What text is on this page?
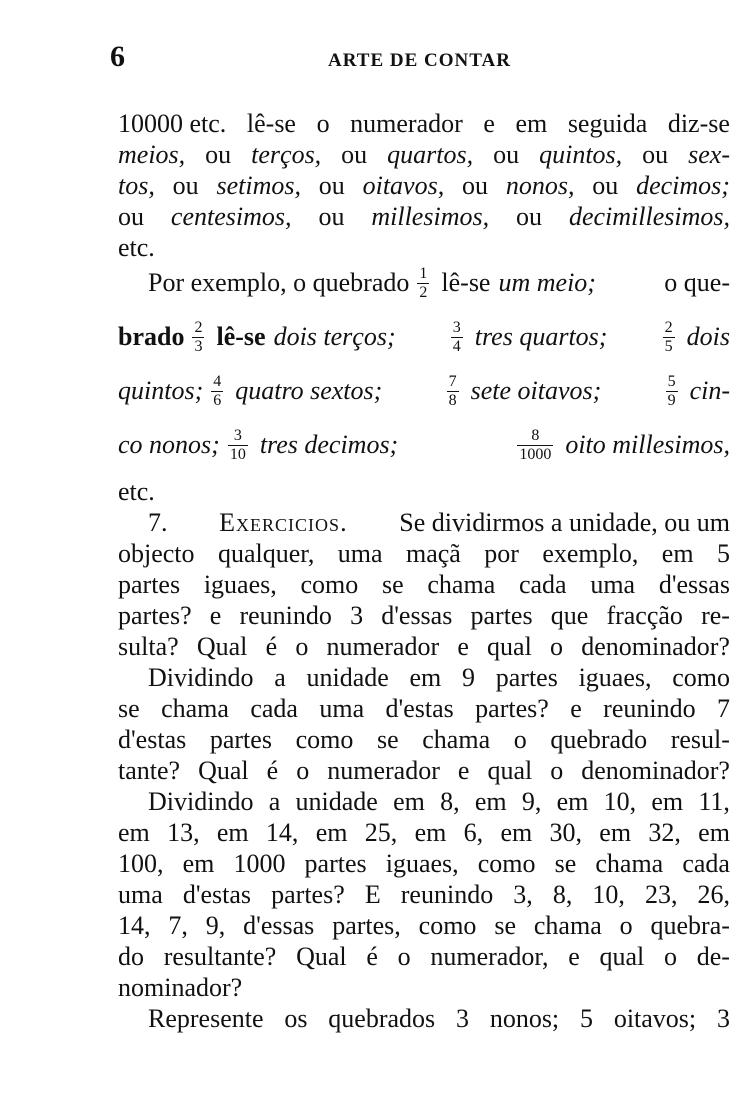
6	ARTE DE CONTAR
10000 etc. lê-se o numerador e em seguida diz-se
meios, ou terços, ou quartos, ou quintos, ou sex-
tos, ou setimos, ou oitavos, ou nonos, ou decimos;
ou centesimos, ou millesimos, ou decimillesimos,
etc.
Por exemplo, o quebrado $\frac{1}{2}$ lê-se um meio;	o que-
brado $\frac{2}{3}$ lê-se dois terços;	$\frac{3}{4}$ tres quartos;	$\frac{2}{5}$ dois
quintos; $\frac{4}{6}$ quatro sextos;	$\frac{7}{8}$ sete oitavos;	$\frac{5}{9} cin-$
co nonos; $\frac{3}{10}$ tres decimos;	$\frac{8}{1000}$ oito millesimos,
etc.
7. Exercicios. Se dividirmos a unidade, ou um
objecto qualquer, uma maçã por exemplo, em 5
partes iguaes, como se chama cada uma d'essas
partes? e reunindo 3 d'essas partes que fracção re-
sulta? Qual é o numerador e qual o denominador?
Dividindo a unidade em 9 partes iguaes, como
se chama cada uma d'estas partes? e reunindo 7
d'estas partes como se chama o quebrado resul-
tante? Qual é o numerador e qual o denominador?
Dividindo a unidade em 8, em 9, em 10, em 11,
em 13, em 14, em 25, em 6, em 30, em 32, em
100, em 1000 partes iguaes, como se chama cada
uma d'estas partes? E reunindo 3, 8, 10, 23, 26,
14, 7, 9, d'essas partes, como se chama o quebra-
do resultante? Qual é o numerador, e qual o de-
nominador?
Represente os quebrados 3 nonos; 5 oitavos; 3
